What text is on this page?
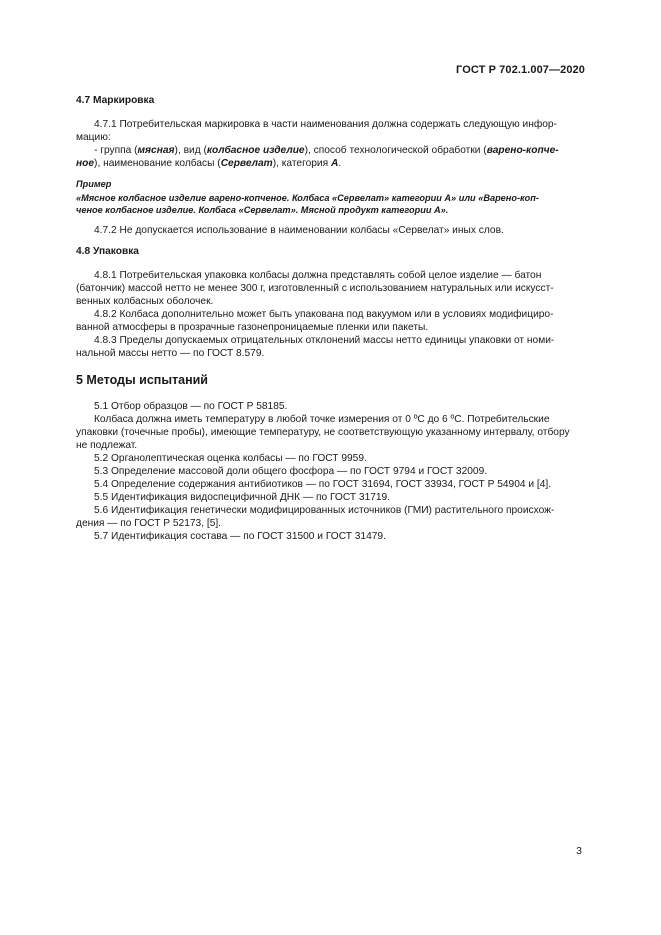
ГОСТ Р 702.1.007—2020
4.7 Маркировка
4.7.1 Потребительская маркировка в части наименования должна содержать следующую инфор-
мацию:
- группа (мясная), вид (колбасное изделие), способ технологической обработки (варено-копче-
ное), наименование колбасы (Сервелат), категория А.
Пример
«Мясное колбасное изделие варено-копченое. Колбаса «Сервелат» категории А» или «Варено-коп-
ченое колбасное изделие. Колбаса «Сервелат». Мясной продукт категории А».
4.7.2 Не допускается использование в наименовании колбасы «Сервелат» иных слов.
4.8 Упаковка
4.8.1 Потребительская упаковка колбасы должна представлять собой целое изделие — батон
(батончик) массой нетто не менее 300 г, изготовленный с использованием натуральных или искусст-
венных колбасных оболочек.
4.8.2 Колбаса дополнительно может быть упакована под вакуумом или в условиях модифициро-
ванной атмосферы в прозрачные газонепроницаемые пленки или пакеты.
4.8.3 Пределы допускаемых отрицательных отклонений массы нетто единицы упаковки от номи-
нальной массы нетто — по ГОСТ 8.579.
5 Методы испытаний
5.1 Отбор образцов — по ГОСТ Р 58185.
Колбаса должна иметь температуру в любой точке измерения от 0 ºС до 6 ºС. Потребительские
упаковки (точечные пробы), имеющие температуру, не соответствующую указанному интервалу, отбору
не подлежат.
5.2 Органолептическая оценка колбасы — по ГОСТ 9959.
5.3 Определение массовой доли общего фосфора — по ГОСТ 9794 и ГОСТ 32009.
5.4 Определение содержания антибиотиков — по ГОСТ 31694, ГОСТ 33934, ГОСТ Р 54904 и [4].
5.5 Идентификация видоспецифичной ДНК — по ГОСТ 31719.
5.6 Идентификация генетически модифицированных источников (ГМИ) растительного происхож-
дения — по ГОСТ Р 52173, [5].
5.7 Идентификация состава — по ГОСТ 31500 и ГОСТ 31479.
3
